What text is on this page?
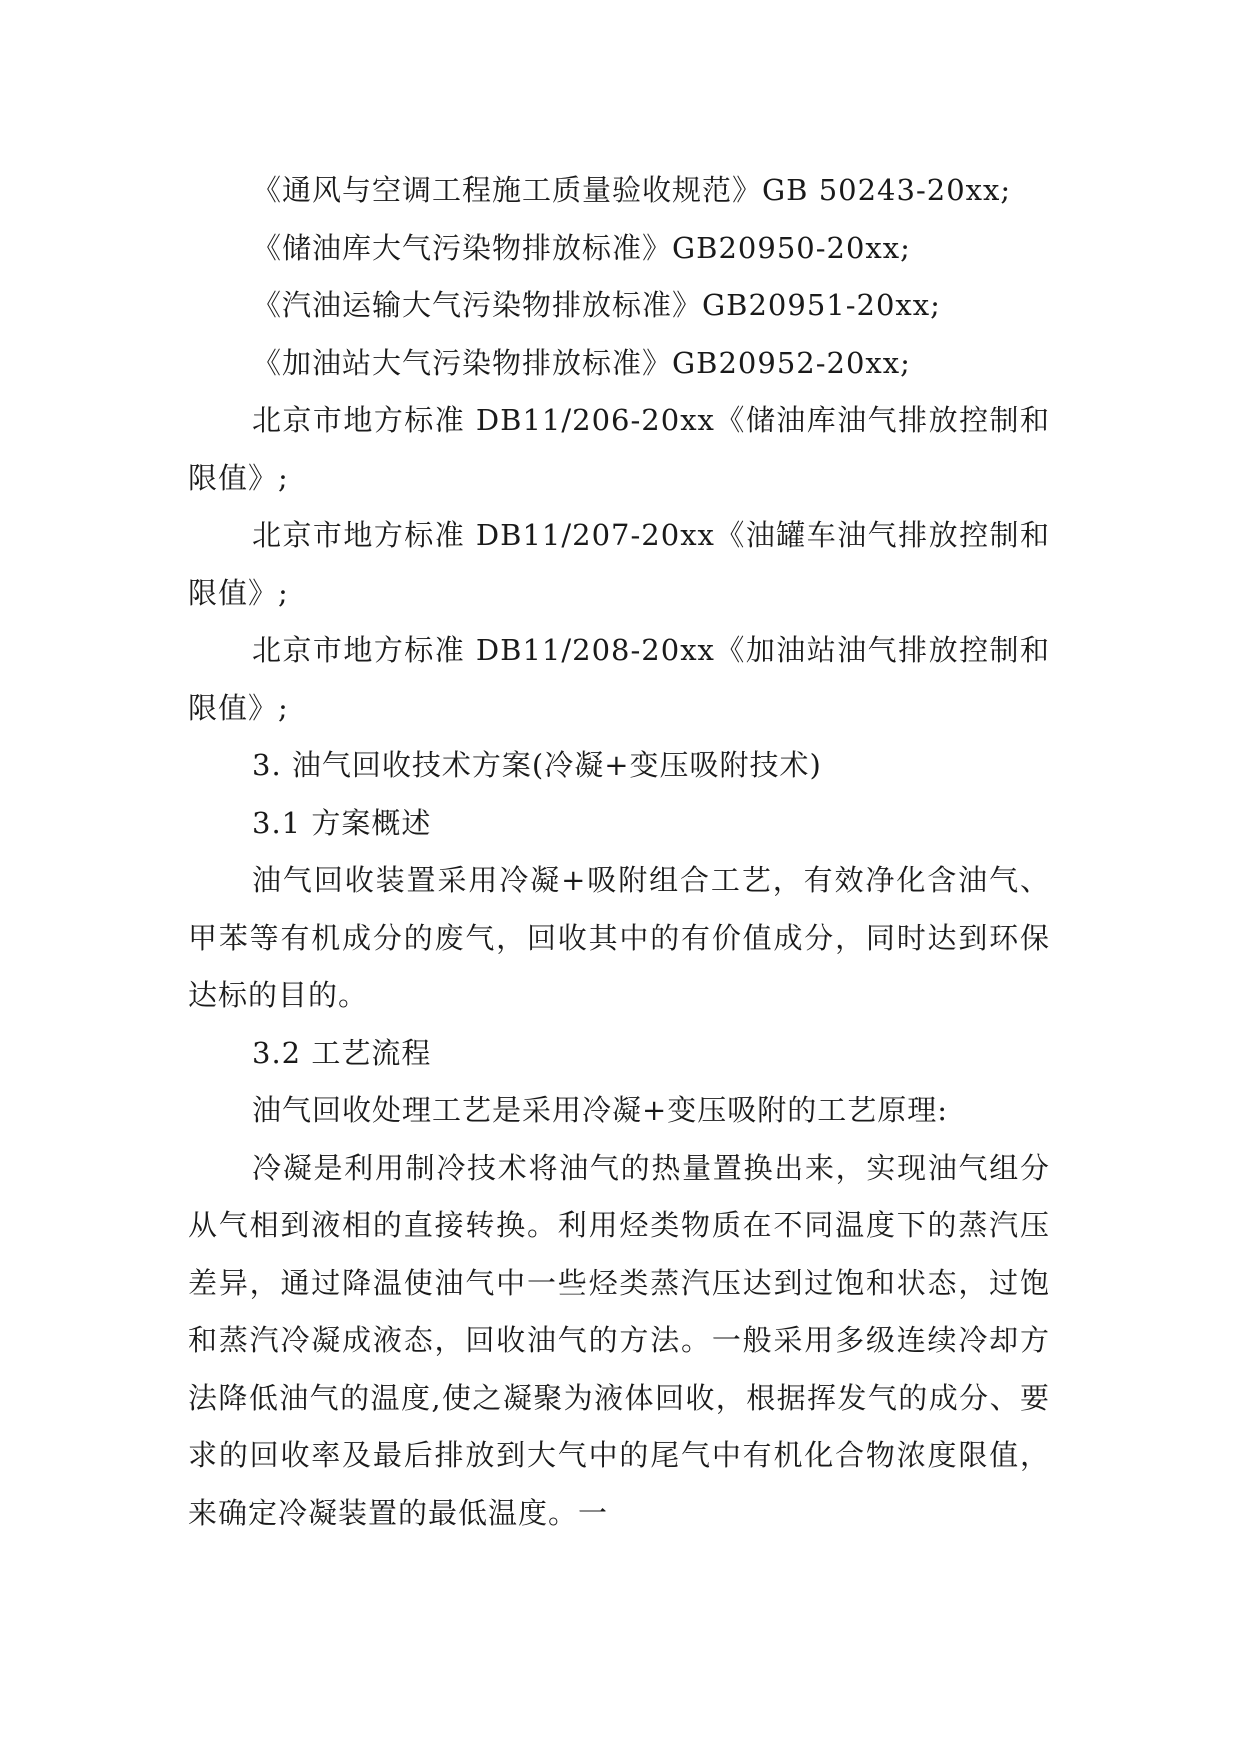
《通风与空调工程施工质量验收规范》GB 50243-20xx;

《储油库大气污染物排放标准》GB20950-20xx;

《汽油运输大气污染物排放标准》GB20951-20xx;

《加油站大气污染物排放标准》GB20952-20xx;

北京市地方标准 DB11/206-20xx《储油库油气排放控制和限值》;

北京市地方标准 DB11/207-20xx《油罐车油气排放控制和限值》;

北京市地方标准 DB11/208-20xx《加油站油气排放控制和限值》;

3. 油气回收技术方案(冷凝+变压吸附技术)

3.1 方案概述

油气回收装置采用冷凝+吸附组合工艺，有效净化含油气、甲苯等有机成分的废气，回收其中的有价值成分，同时达到环保达标的目的。

3.2 工艺流程

油气回收处理工艺是采用冷凝+变压吸附的工艺原理:

冷凝是利用制冷技术将油气的热量置换出来，实现油气组分从气相到液相的直接转换。利用烃类物质在不同温度下的蒸汽压差异，通过降温使油气中一些烃类蒸汽压达到过饱和状态，过饱和蒸汽冷凝成液态，回收油气的方法。一般采用多级连续冷却方法降低油气的温度,使之凝聚为液体回收，根据挥发气的成分、要求的回收率及最后排放到大气中的尾气中有机化合物浓度限值，来确定冷凝装置的最低温度。一
